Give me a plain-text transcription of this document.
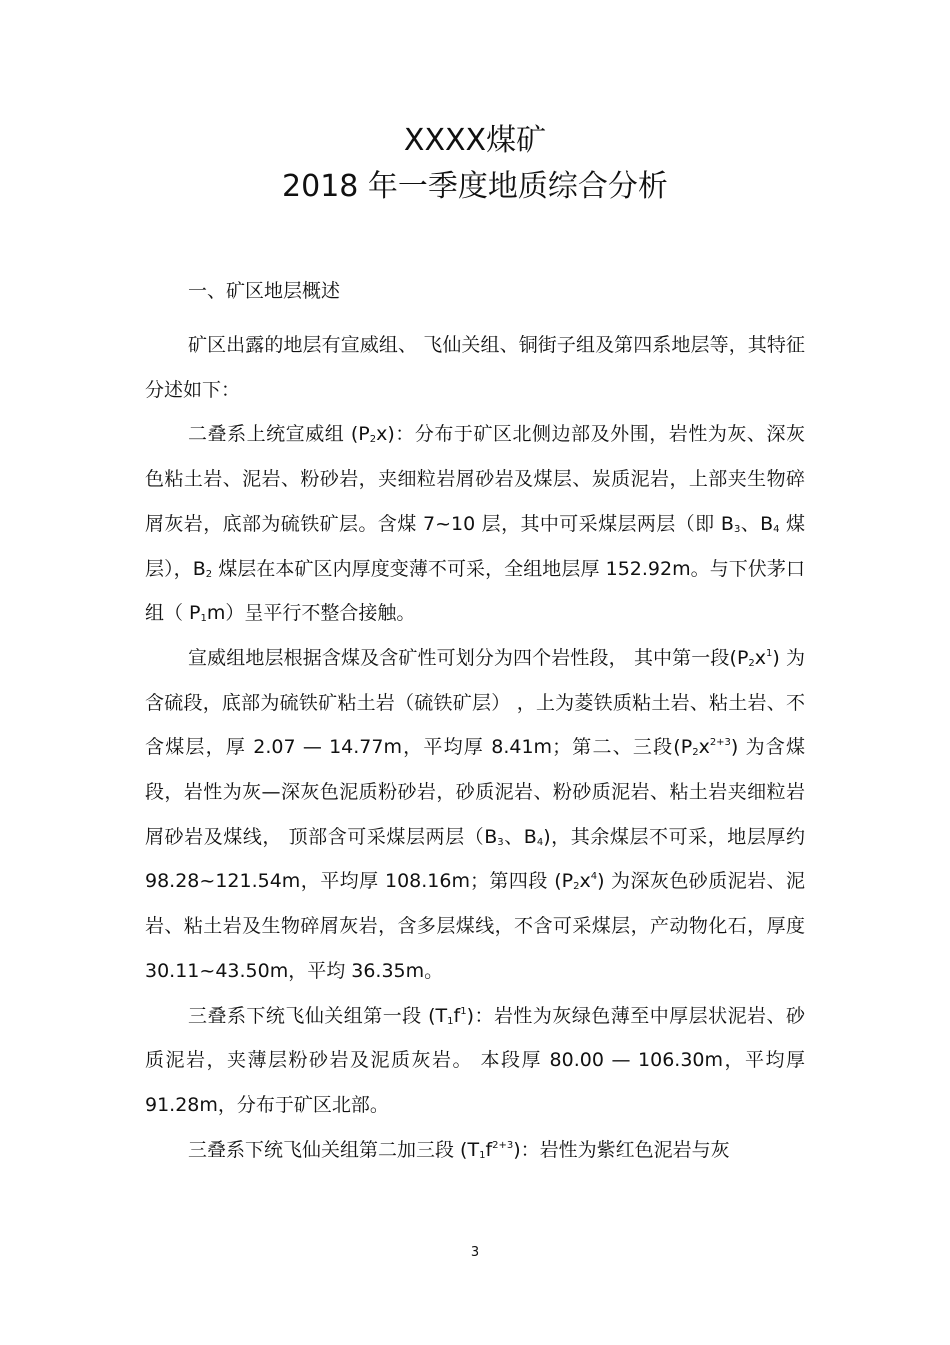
XXXX煤矿
2018 年一季度地质综合分析
一、矿区地层概述

矿区出露的地层有宣威组、 飞仙关组、铜街子组及第四系地层等，其特征分述如下：

二叠系上统宣威组 $(P_2x)$：分布于矿区北侧边部及外围，岩性为灰、深灰色粘土岩、泥岩、粉砂岩，夹细粒岩屑砂岩及煤层、炭质泥岩，上部夹生物碎屑灰岩，底部为硫铁矿层。含煤 7~10 层，其中可采煤层两层（即 $B_3$、$B_4$ 煤层），$B_2$ 煤层在本矿区内厚度变薄不可采，全组地层厚 152.92m。与下伏茅口组（ $P_1m$）呈平行不整合接触。

宣威组地层根据含煤及含矿性可划分为四个岩性段， 其中第一段$(P_2x^1)$ 为含硫段，底部为硫铁矿粘土岩（硫铁矿层） ，上为菱铁质粘土岩、粘土岩、不含煤层，厚 2.07 — 14.77m，平均厚 8.41m；第二、三段$(P_2x^{2+3})$ 为含煤段，岩性为灰—深灰色泥质粉砂岩，砂质泥岩、粉砂质泥岩、粘土岩夹细粒岩屑砂岩及煤线， 顶部含可采煤层两层（$B_3$、$B_4$)，其余煤层不可采，地层厚约 98.28~121.54m，平均厚 108.16m；第四段 $(P_2x^4)$ 为深灰色砂质泥岩、泥岩、粘土岩及生物碎屑灰岩，含多层煤线，不含可采煤层，产动物化石，厚度 30.11~43.50m，平均 36.35m。

三叠系下统飞仙关组第一段 $(T_1f^1)$：岩性为灰绿色薄至中厚层状泥岩、砂质泥岩，夹薄层粉砂岩及泥质灰岩。 本段厚 80.00 — 106.30m，平均厚 91.28m，分布于矿区北部。

三叠系下统飞仙关组第二加三段 $(T_1f^{2+3})$：岩性为紫红色泥岩与灰

3
